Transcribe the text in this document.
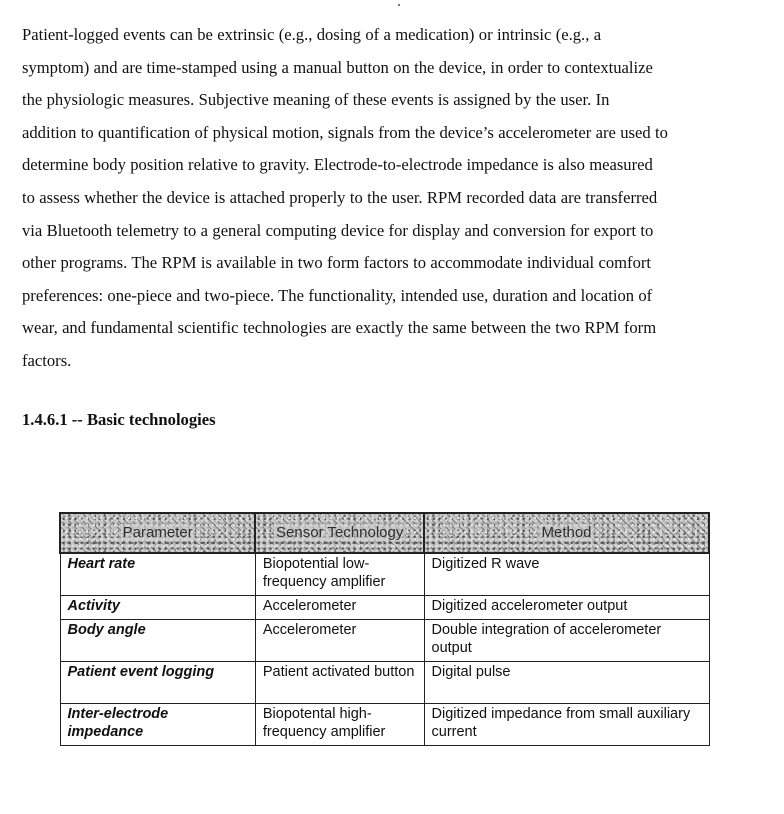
Patient-logged events can be extrinsic (e.g., dosing of a medication) or intrinsic (e.g., a
symptom) and are time-stamped using a manual button on the device, in order to contextualize
the physiologic measures. Subjective meaning of these events is assigned by the user. In
addition to quantification of physical motion, signals from the device’s accelerometer are used to
determine body position relative to gravity. Electrode-to-electrode impedance is also measured
to assess whether the device is attached properly to the user. RPM recorded data are transferred
via Bluetooth telemetry to a general computing device for display and conversion for export to
other programs. The RPM is available in two form factors to accommodate individual comfort
preferences: one-piece and two-piece. The functionality, intended use, duration and location of
wear, and fundamental scientific technologies are exactly the same between the two RPM form
factors.

1.4.6.1 -- Basic technologies
Parameter	Sensor Technology	Method
Heart rate	Biopotential low-frequency amplifier	Digitized R wave
Activity	Accelerometer	Digitized accelerometer output
Body angle	Accelerometer	Double integration of accelerometer output
Patient event logging	Patient activated button	Digital pulse
Inter-electrode impedance	Biopotental high-frequency amplifier	Digitized impedance from small auxiliary current
